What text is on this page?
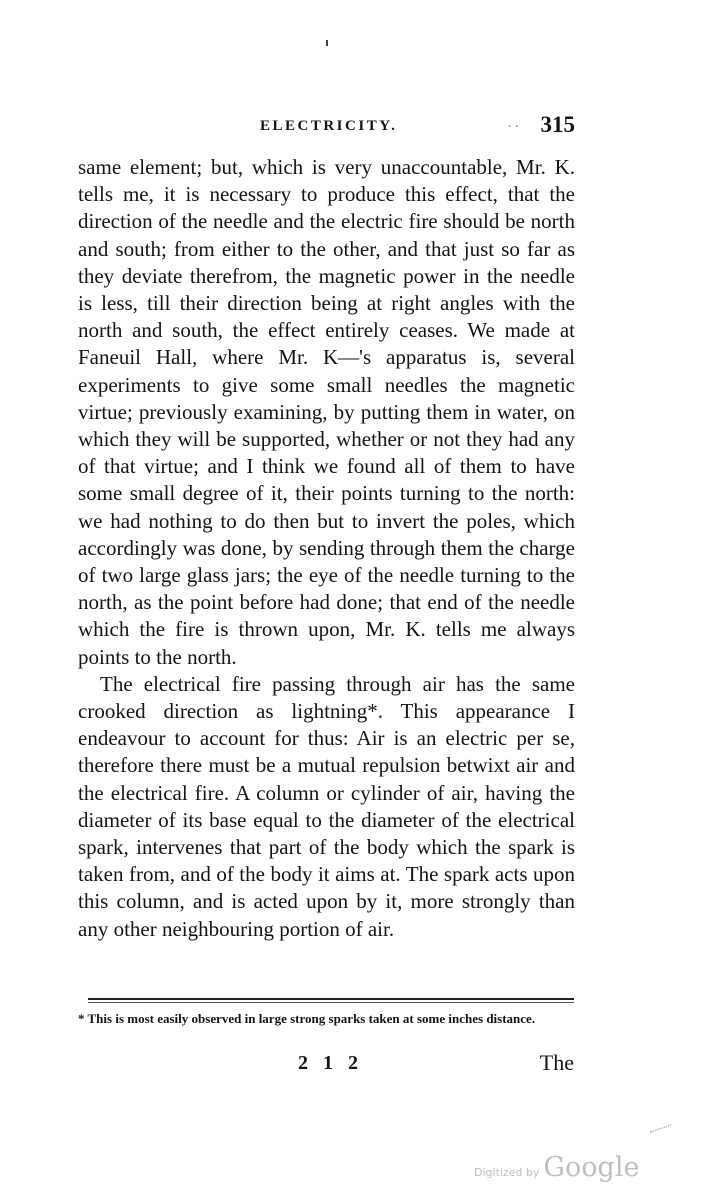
ELECTRICITY.	. . 315

same element; but, which is very unaccountable, Mr. K. tells me, it is necessary to produce this effect, that the direction of the needle and the electric fire should be north and south; from either to the other, and that just so far as they deviate therefrom, the magnetic power in the needle is less, till their direction being at right angles with the north and south, the effect entirely ceases. We made at Faneuil Hall, where Mr. K—'s apparatus is, several experiments to give some small needles the magnetic virtue; previously examining, by putting them in water, on which they will be supported, whether or not they had any of that virtue; and I think we found all of them to have some small degree of it, their points turning to the north: we had nothing to do then but to invert the poles, which accordingly was done, by sending through them the charge of two large glass jars; the eye of the needle turning to the north, as the point before had done; that end of the needle which the fire is thrown upon, Mr. K. tells me always points to the north.

The electrical fire passing through air has the same crooked direction as lightning*. This appearance I endeavour to account for thus: Air is an electric per se, therefore there must be a mutual repulsion betwixt air and the electrical fire. A column or cylinder of air, having the diameter of its base equal to the diameter of the electrical spark, intervenes that part of the body which the spark is taken from, and of the body it aims at. The spark acts upon this column, and is acted upon by it, more strongly than any other neighbouring portion of air.

* This is most easily observed in large strong sparks taken at some inches distance.

2 1 2	The
Digitized by Google
